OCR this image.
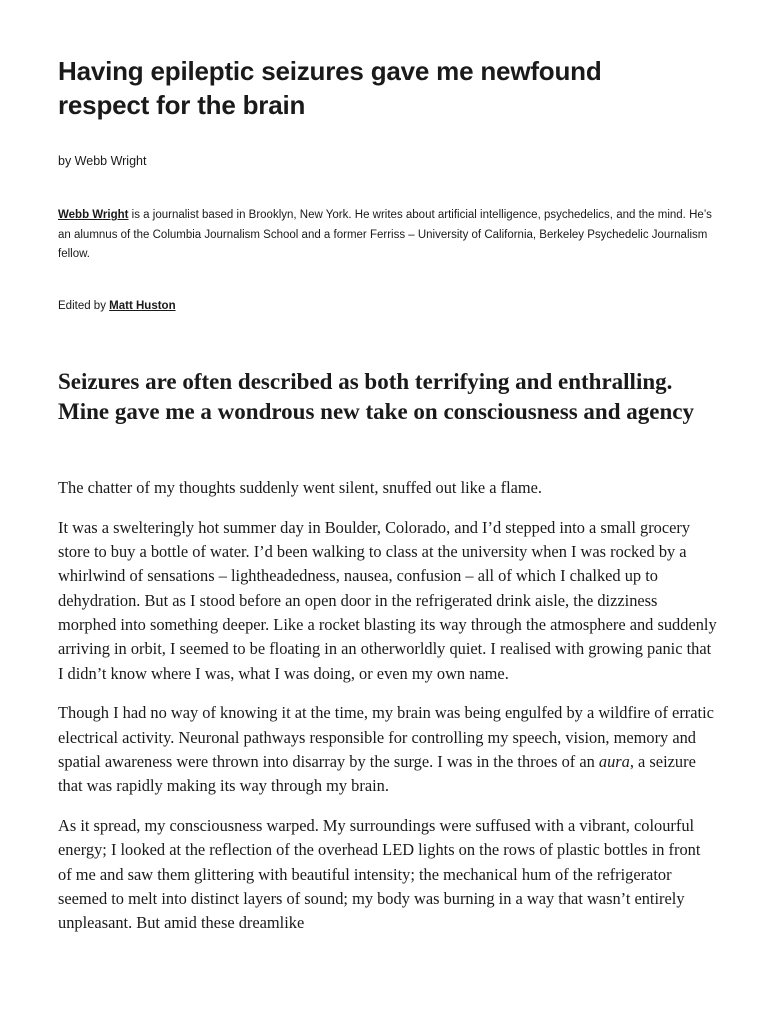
Having epileptic seizures gave me newfound respect for the brain
by Webb Wright
Webb Wright is a journalist based in Brooklyn, New York. He writes about artificial intelligence, psychedelics, and the mind. He’s an alumnus of the Columbia Journalism School and a former Ferriss – University of California, Berkeley Psychedelic Journalism fellow.
Edited by Matt Huston
Seizures are often described as both terrifying and enthralling. Mine gave me a wondrous new take on consciousness and agency

The chatter of my thoughts suddenly went silent, snuffed out like a flame.

It was a swelteringly hot summer day in Boulder, Colorado, and I’d stepped into a small grocery store to buy a bottle of water. I’d been walking to class at the university when I was rocked by a whirlwind of sensations – lightheadedness, nausea, confusion – all of which I chalked up to dehydration. But as I stood before an open door in the refrigerated drink aisle, the dizziness morphed into something deeper. Like a rocket blasting its way through the atmosphere and suddenly arriving in orbit, I seemed to be floating in an otherworldly quiet. I realised with growing panic that I didn’t know where I was, what I was doing, or even my own name.

Though I had no way of knowing it at the time, my brain was being engulfed by a wildfire of erratic electrical activity. Neuronal pathways responsible for controlling my speech, vision, memory and spatial awareness were thrown into disarray by the surge. I was in the throes of an aura, a seizure that was rapidly making its way through my brain.

As it spread, my consciousness warped. My surroundings were suffused with a vibrant, colourful energy; I looked at the reflection of the overhead LED lights on the rows of plastic bottles in front of me and saw them glittering with beautiful intensity; the mechanical hum of the refrigerator seemed to melt into distinct layers of sound; my body was burning in a way that wasn’t entirely unpleasant. But amid these dreamlike
